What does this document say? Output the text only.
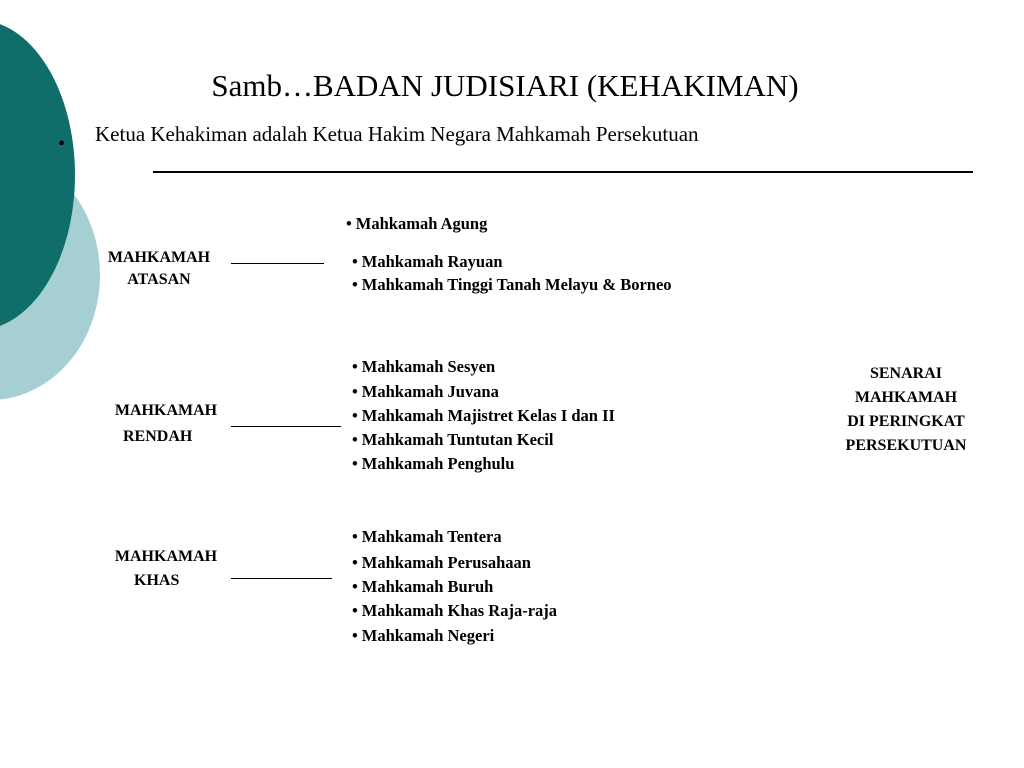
Samb…BADAN JUDISIARI (KEHAKIMAN)
• Ketua Kehakiman adalah Ketua Hakim Negara Mahkamah Persekutuan
MAHKAMAH
ATASAN
• Mahkamah Agung
• Mahkamah Rayuan
• Mahkamah Tinggi Tanah Melayu & Borneo
MAHKAMAH
RENDAH
• Mahkamah Sesyen
• Mahkamah Juvana
• Mahkamah Majistret Kelas I dan II
• Mahkamah Tuntutan Kecil
• Mahkamah Penghulu
MAHKAMAH
KHAS
• Mahkamah Tentera
• Mahkamah Perusahaan
• Mahkamah Buruh
• Mahkamah Khas Raja-raja
• Mahkamah Negeri
SENARAI
MAHKAMAH
DI PERINGKAT
PERSEKUTUAN
